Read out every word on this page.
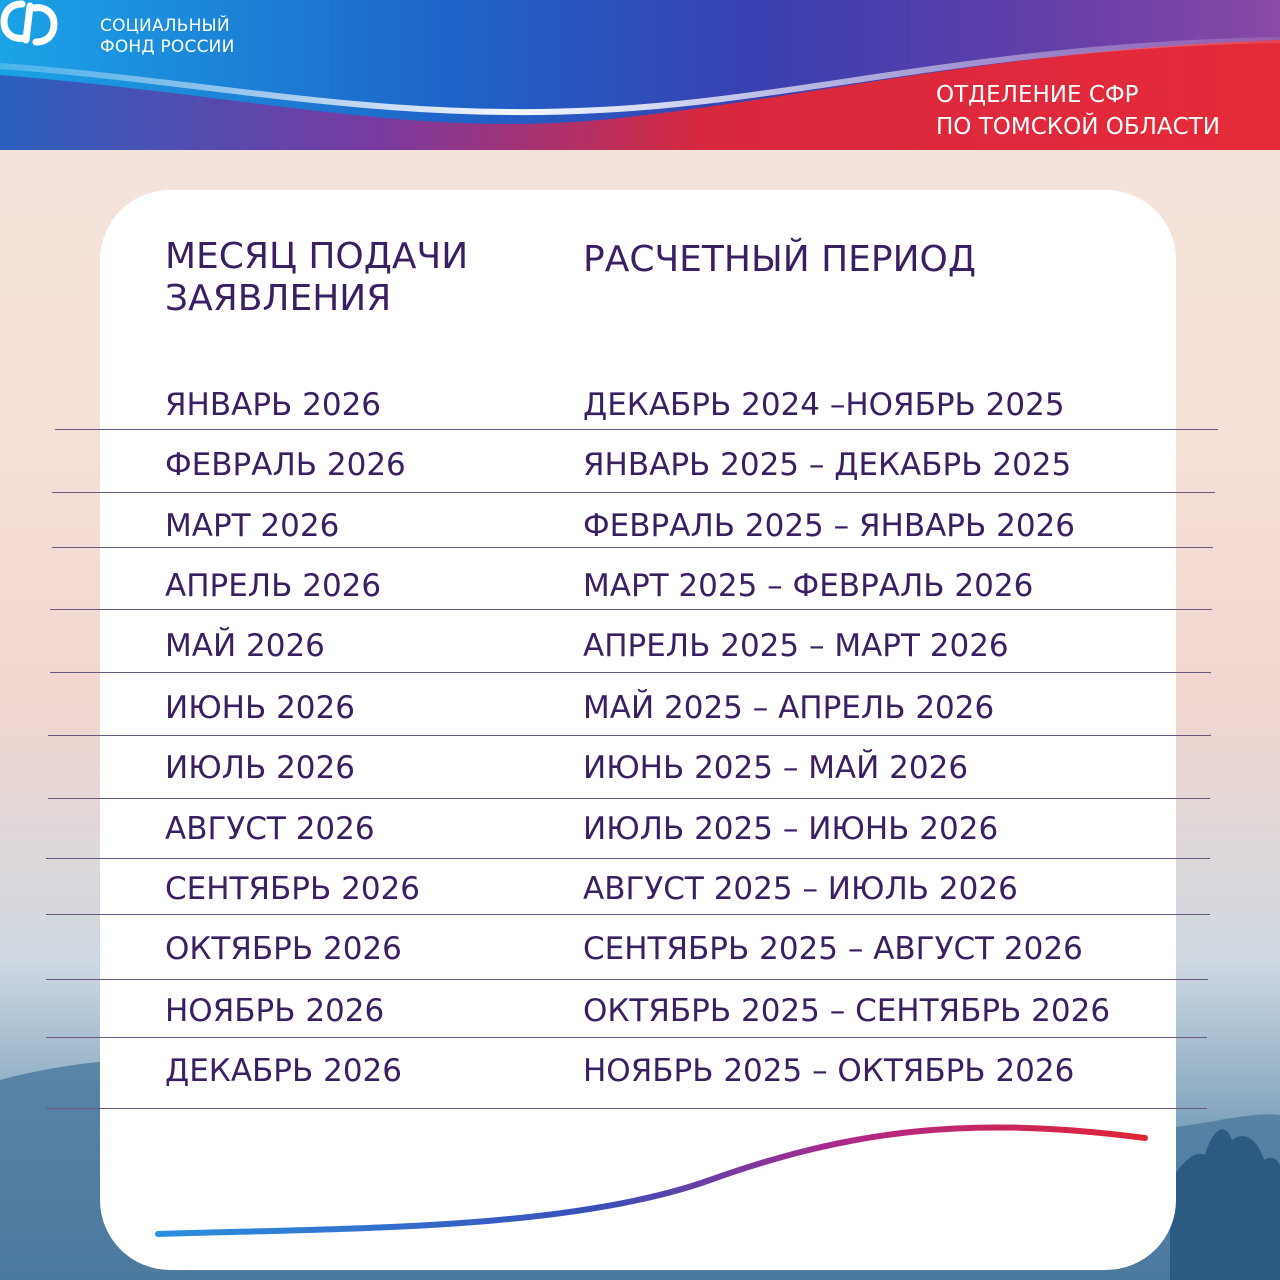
СОЦИАЛЬНЫЙ
ФОНД РОССИИ
ОТДЕЛЕНИЕ СФР
ПО ТОМСКОЙ ОБЛАСТИ
МЕСЯЦ ПОДАЧИ
ЗАЯВЛЕНИЯ
РАСЧЕТНЫЙ ПЕРИОД
ЯНВАРЬ 2026	ДЕКАБРЬ 2024 –НОЯБРЬ 2025
ФЕВРАЛЬ 2026	ЯНВАРЬ 2025 – ДЕКАБРЬ 2025
МАРТ 2026	ФЕВРАЛЬ 2025 – ЯНВАРЬ 2026
АПРЕЛЬ 2026	МАРТ 2025 – ФЕВРАЛЬ 2026
МАЙ 2026	АПРЕЛЬ 2025 – МАРТ 2026
ИЮНЬ 2026	МАЙ 2025 – АПРЕЛЬ 2026
ИЮЛЬ 2026	ИЮНЬ 2025 – МАЙ 2026
АВГУСТ 2026	ИЮЛЬ 2025 – ИЮНЬ 2026
СЕНТЯБРЬ 2026	АВГУСТ 2025 – ИЮЛЬ 2026
ОКТЯБРЬ 2026	СЕНТЯБРЬ 2025 – АВГУСТ 2026
НОЯБРЬ 2026	ОКТЯБРЬ 2025 – СЕНТЯБРЬ 2026
ДЕКАБРЬ 2026	НОЯБРЬ 2025 – ОКТЯБРЬ 2026
